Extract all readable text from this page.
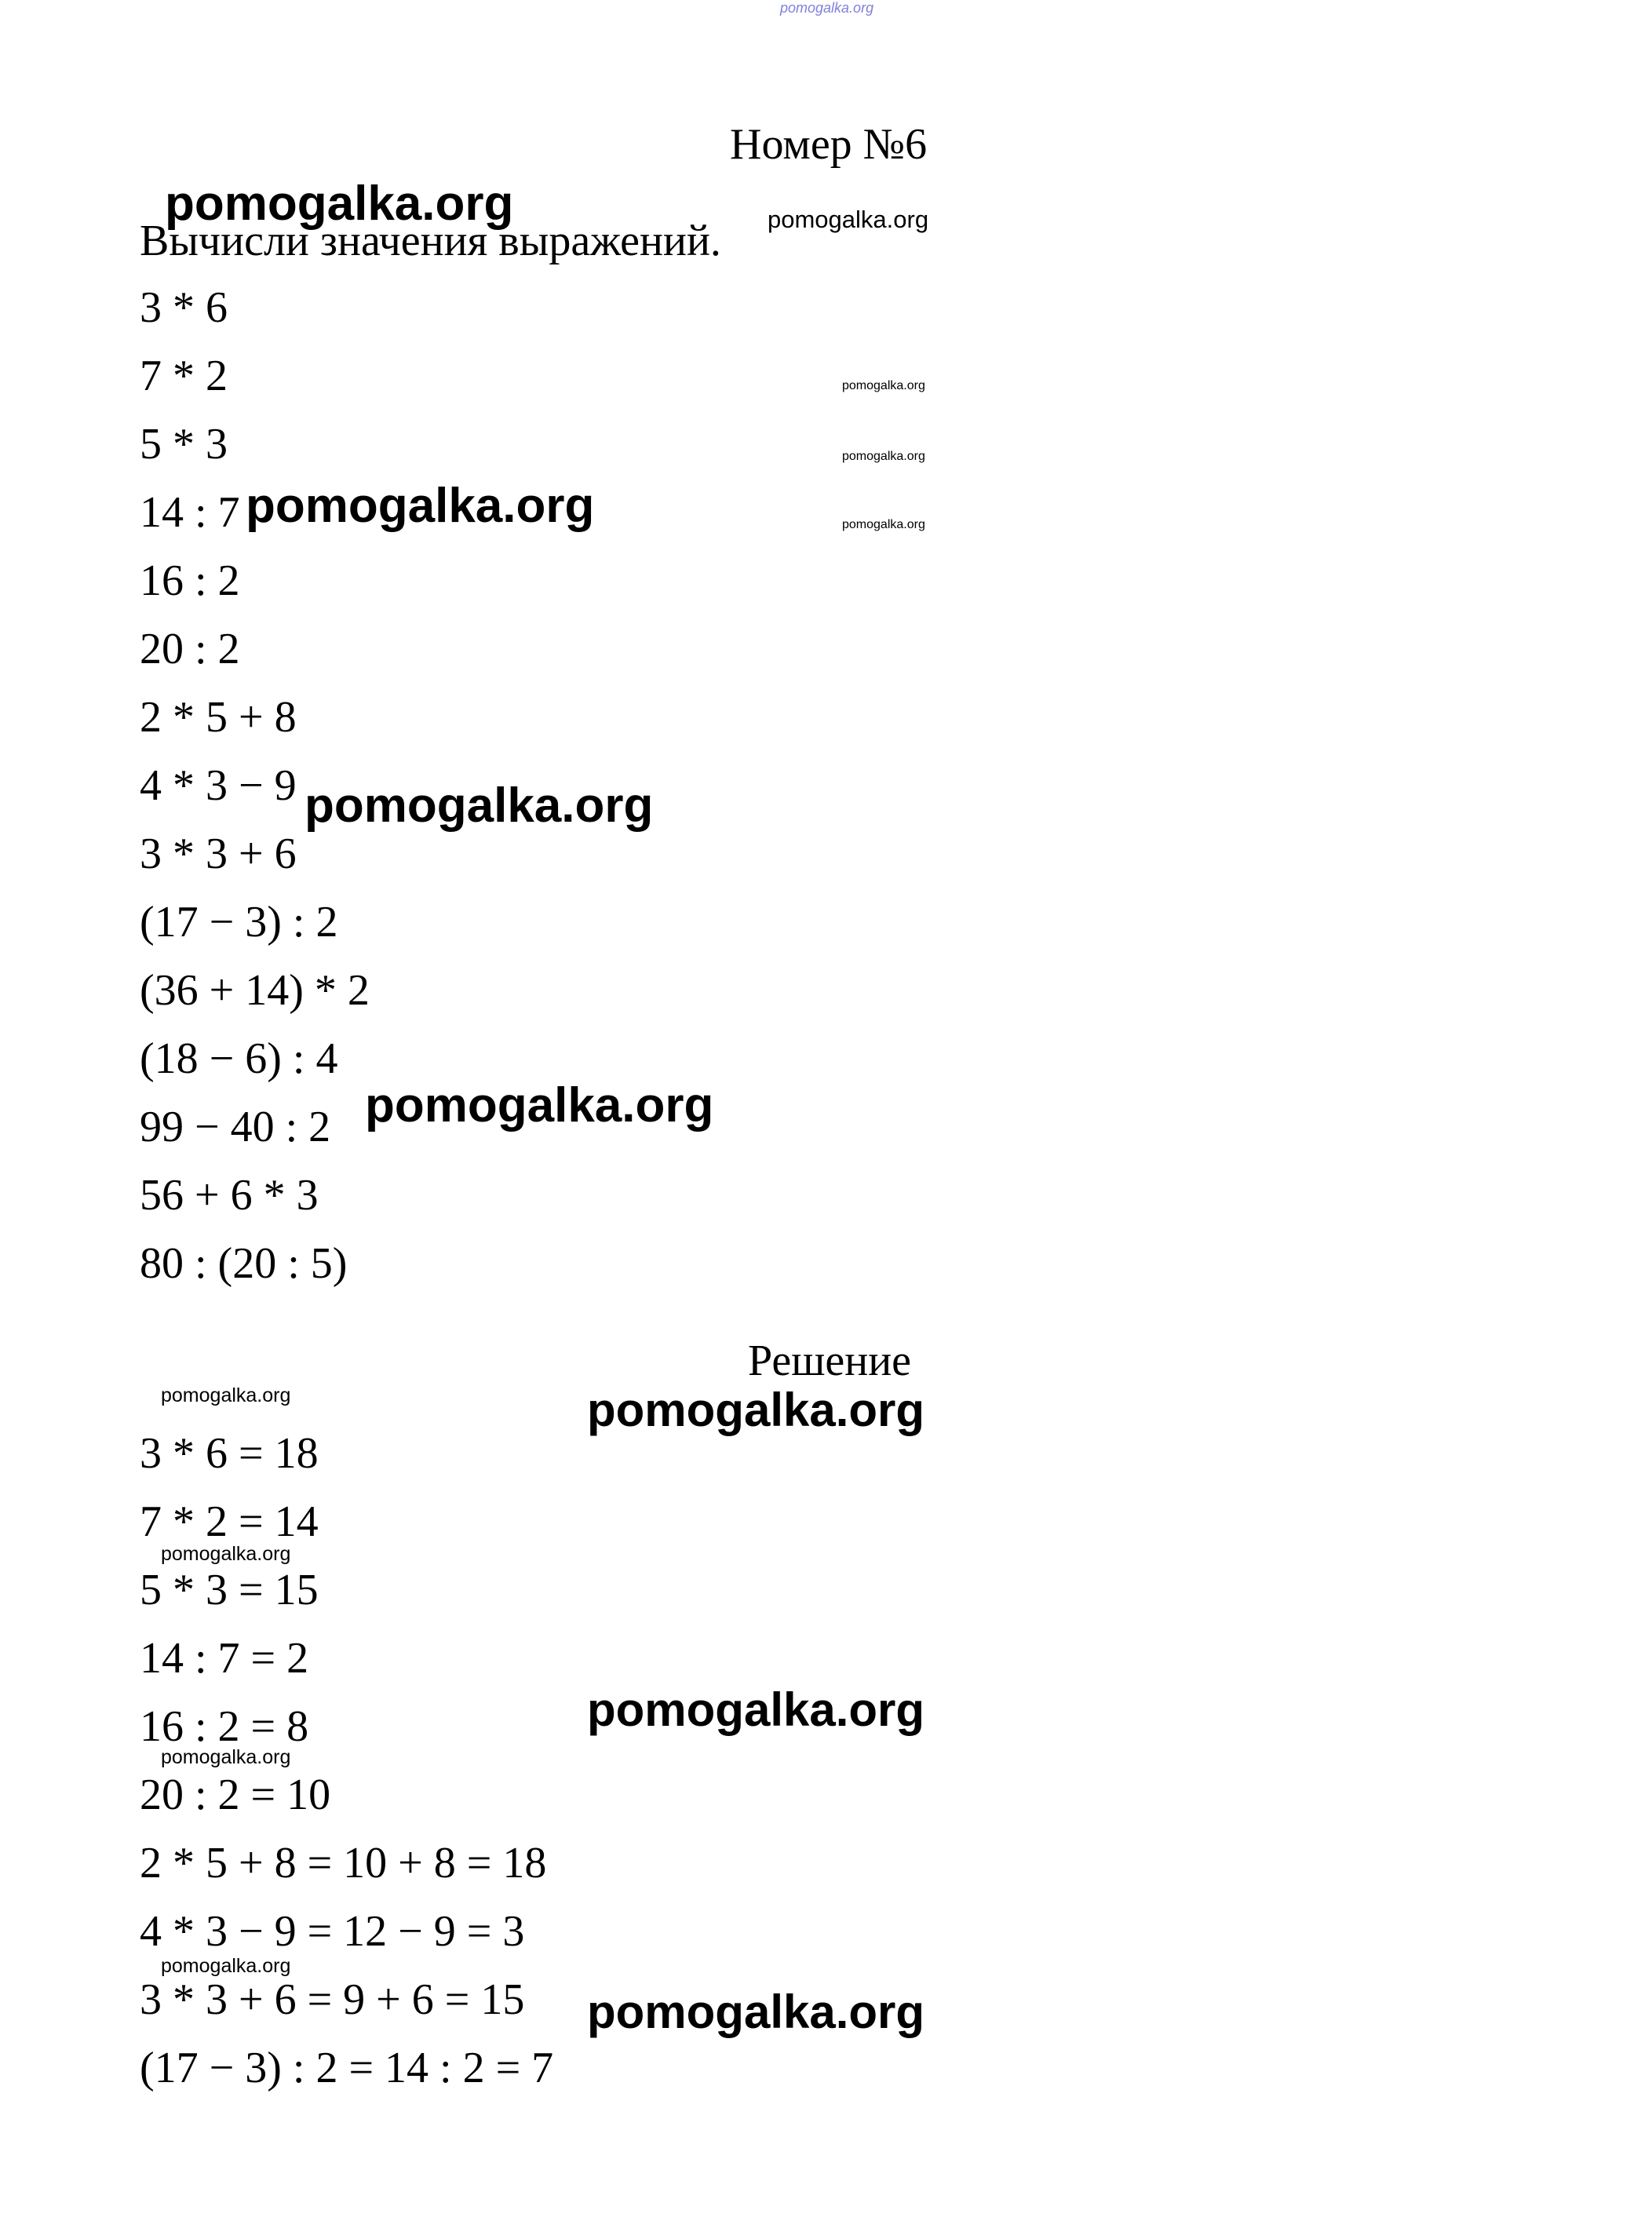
pomogalka.org
Номер №6
Вычисли значения выражений.
3 * 6
7 * 2
5 * 3
14 : 7
16 : 2
20 : 2
2 * 5 + 8
4 * 3 − 9
3 * 3 + 6
(17 − 3) : 2
(36 + 14) * 2
(18 − 6) : 4
99 − 40 : 2
56 + 6 * 3
80 : (20 : 5)
Решение
3 * 6 = 18
7 * 2 = 14
5 * 3 = 15
14 : 7 = 2
16 : 2 = 8
20 : 2 = 10
2 * 5 + 8 = 10 + 8 = 18
4 * 3 − 9 = 12 − 9 = 3
3 * 3 + 6 = 9 + 6 = 15
(17 − 3) : 2 = 14 : 2 = 7
pomogalka.org	pomogalka.org
pomogalka.org
pomogalka.org
pomogalka.org	pomogalka.org
pomogalka.org
pomogalka.org
pomogalka.org	pomogalka.org
pomogalka.org
pomogalka.org
pomogalka.org
pomogalka.org
pomogalka.org
